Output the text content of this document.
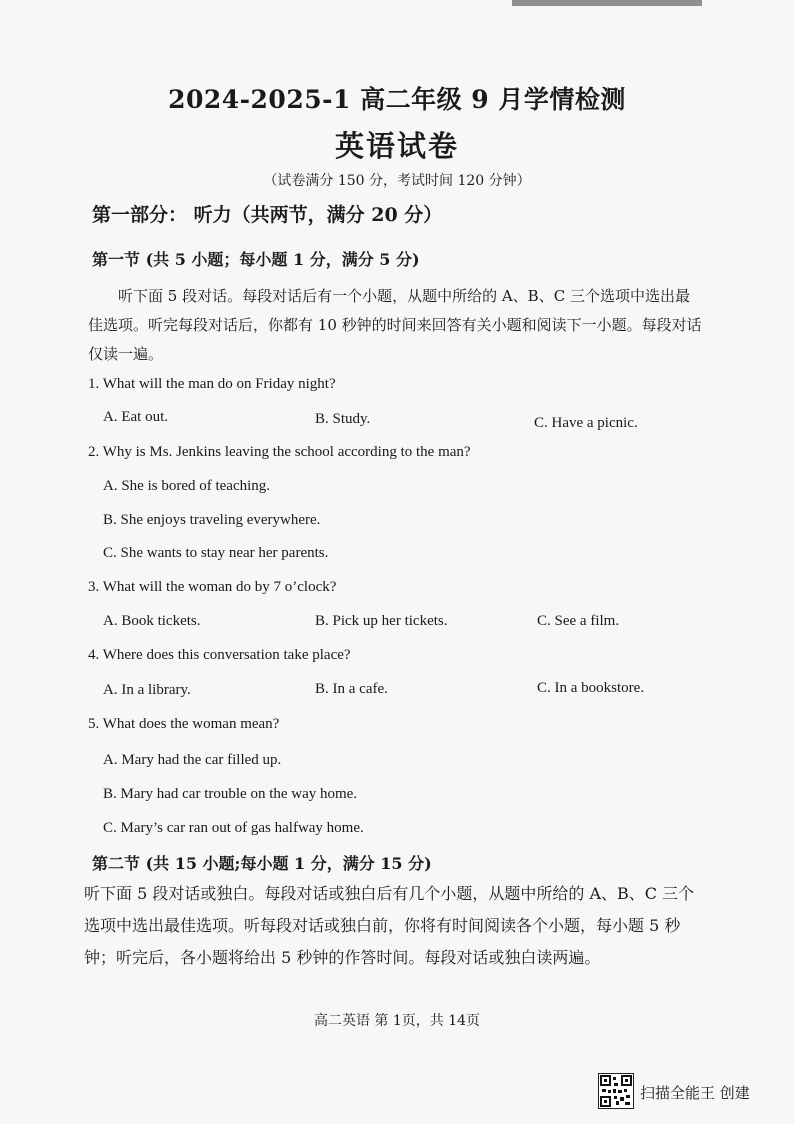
2024-2025-1 高二年级 9 月学情检测
英语试卷
（试卷满分 150 分，考试时间 120 分钟）
第一部分： 听力（共两节，满分 20 分）
第一节 (共 5 小题；每小题 1 分，满分 5 分)
听下面 5 段对话。每段对话后有一个小题，从题中所给的 A、B、C 三个选项中选出最佳选项。听完每段对话后，你都有 10 秒钟的时间来回答有关小题和阅读下一小题。每段对话仅读一遍。
1. What will the man do on Friday night?
A. Eat out.	B. Study.	C. Have a picnic.
2. Why is Ms. Jenkins leaving the school according to the man?
A. She is bored of teaching.
B. She enjoys traveling everywhere.
C. She wants to stay near her parents.
3. What will the woman do by 7 o’clock?
A. Book tickets.	B. Pick up her tickets.	C. See a film.
4. Where does this conversation take place?
A. In a library.	B. In a cafe.	C. In a bookstore.
5. What does the woman mean?
A. Mary had the car filled up.
B. Mary had car trouble on the way home.
C. Mary’s car ran out of gas halfway home.
第二节 (共 15 小题;每小题 1 分，满分 15 分)
听下面 5 段对话或独白。每段对话或独白后有几个小题，从题中所给的 A、B、C 三个选项中选出最佳选项。听每段对话或独白前，你将有时间阅读各个小题，每小题 5 秒钟；听完后，各小题将给出 5 秒钟的作答时间。每段对话或独白读两遍。
高二英语 第 1页，共 14页
扫描全能王 创建
